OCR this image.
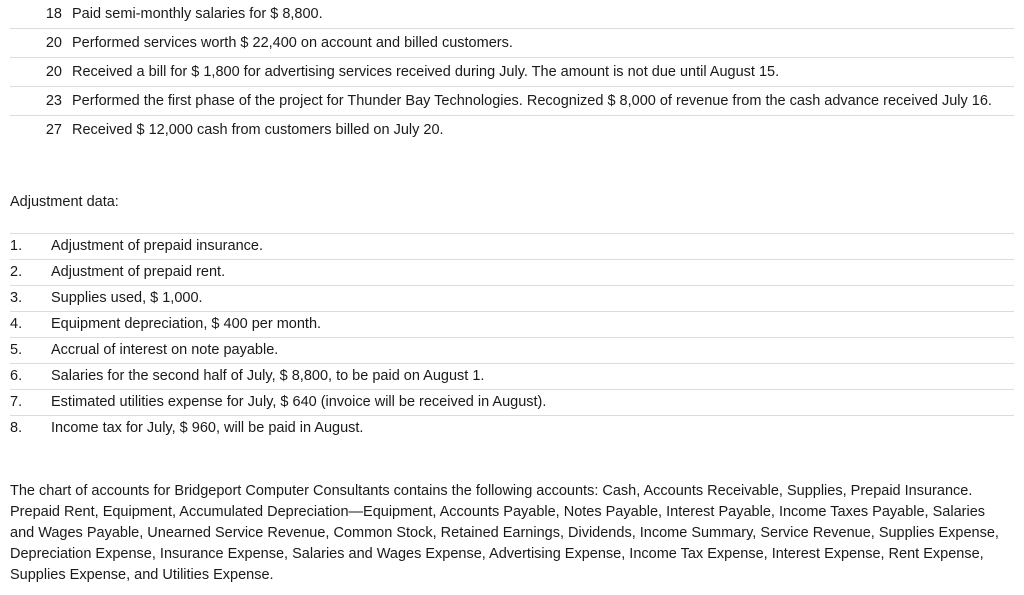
18 Paid semi-monthly salaries for $ 8,800.
20 Performed services worth $ 22,400 on account and billed customers.
20 Received a bill for $ 1,800 for advertising services received during July. The amount is not due until August 15.
23 Performed the first phase of the project for Thunder Bay Technologies. Recognized $ 8,000 of revenue from the cash advance received July 16.
27 Received $ 12,000 cash from customers billed on July 20.
Adjustment data:
1.	Adjustment of prepaid insurance.
2.	Adjustment of prepaid rent.
3.	Supplies used, $ 1,000.
4.	Equipment depreciation, $ 400 per month.
5.	Accrual of interest on note payable.
6.	Salaries for the second half of July, $ 8,800, to be paid on August 1.
7.	Estimated utilities expense for July, $ 640 (invoice will be received in August).
8.	Income tax for July, $ 960, will be paid in August.

The chart of accounts for Bridgeport Computer Consultants contains the following accounts: Cash, Accounts Receivable, Supplies, Prepaid Insurance. Prepaid Rent, Equipment, Accumulated Depreciation—Equipment, Accounts Payable, Notes Payable, Interest Payable, Income Taxes Payable, Salaries and Wages Payable, Unearned Service Revenue, Common Stock, Retained Earnings, Dividends, Income Summary, Service Revenue, Supplies Expense, Depreciation Expense, Insurance Expense, Salaries and Wages Expense, Advertising Expense, Income Tax Expense, Interest Expense, Rent Expense, Supplies Expense, and Utilities Expense.
